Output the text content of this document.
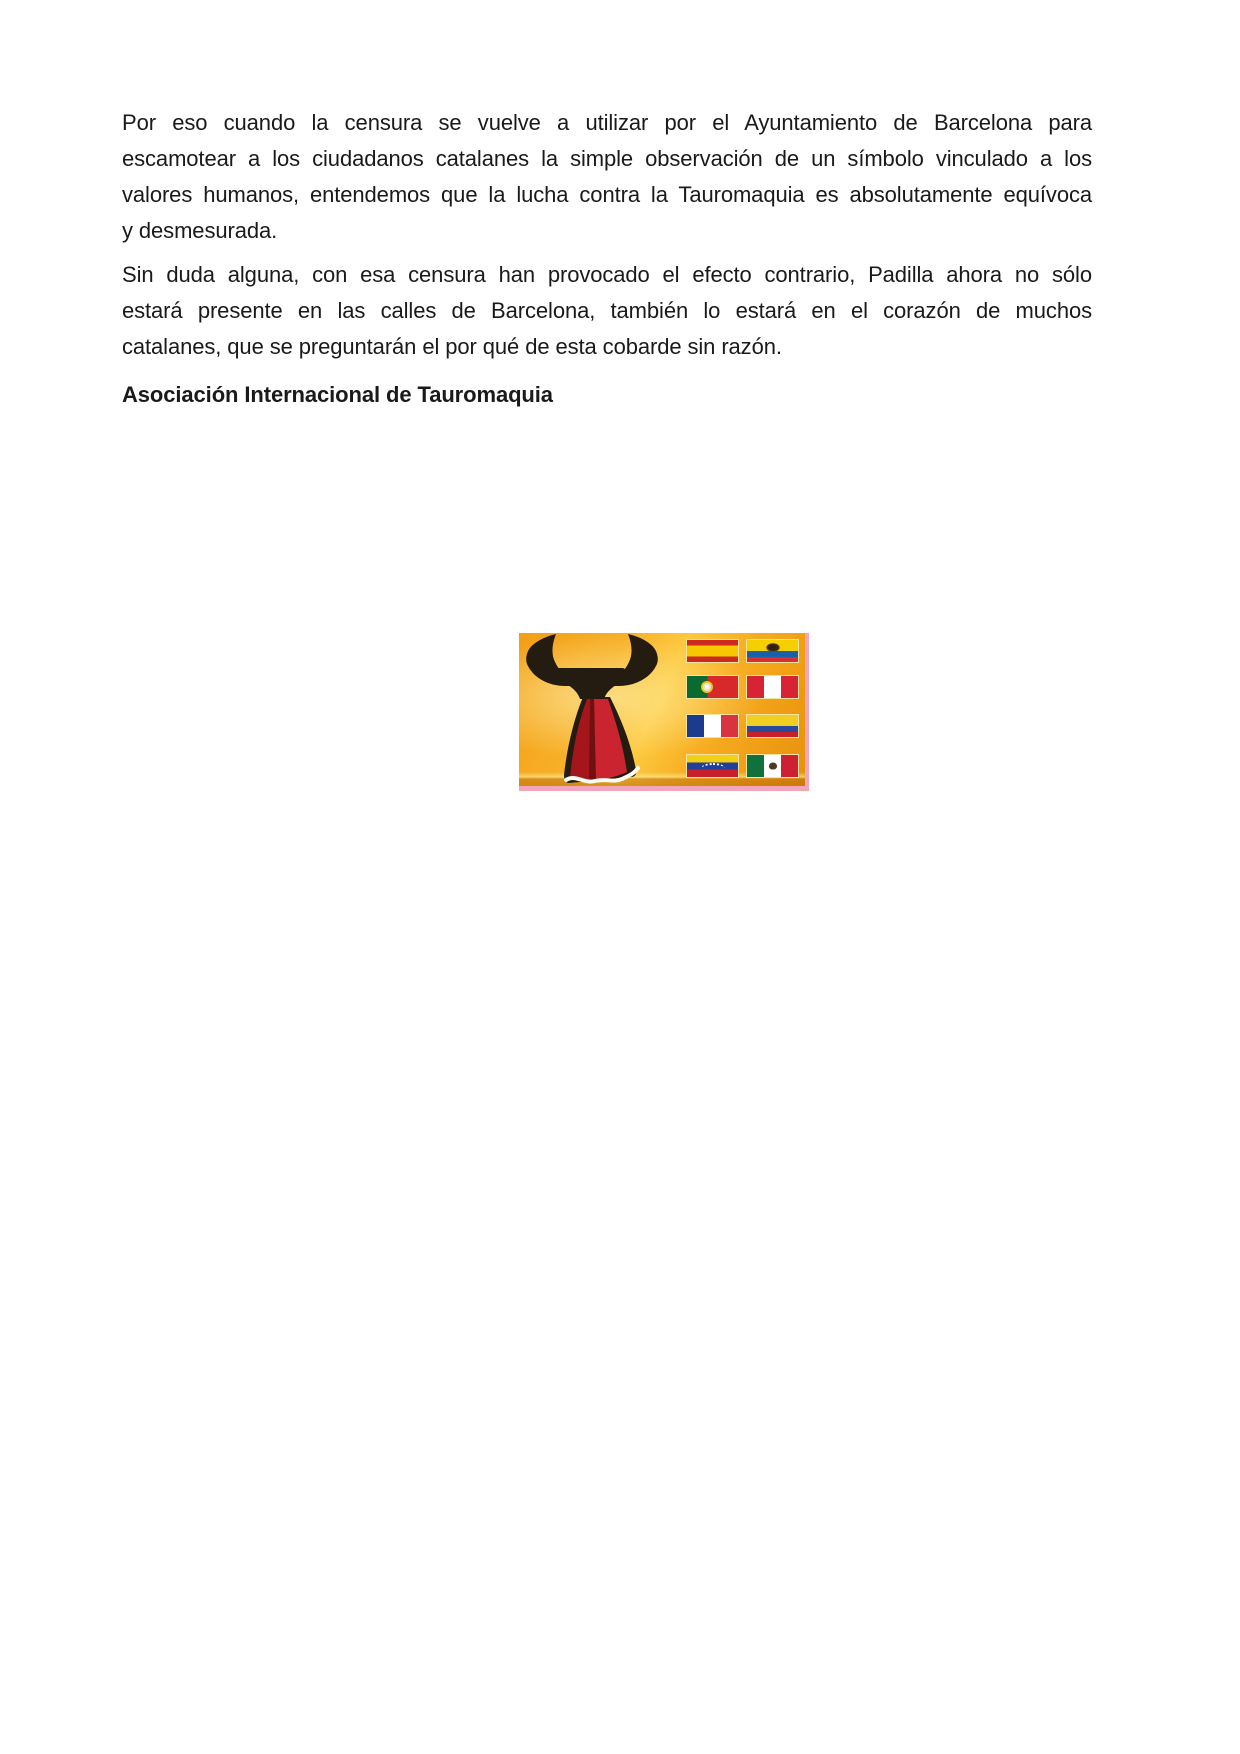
Por eso cuando la censura se vuelve a utilizar por el Ayuntamiento de Barcelona para
escamotear a los ciudadanos catalanes la simple observación de un símbolo vinculado a los
valores humanos, entendemos que la lucha contra la Tauromaquia es absolutamente equívoca
y desmesurada.
Sin duda alguna, con esa censura han provocado el efecto contrario, Padilla ahora no sólo
estará presente en las calles de Barcelona, también lo estará en el corazón de muchos
catalanes, que se preguntarán el por qué de esta cobarde sin razón.
Asociación Internacional de Tauromaquia
